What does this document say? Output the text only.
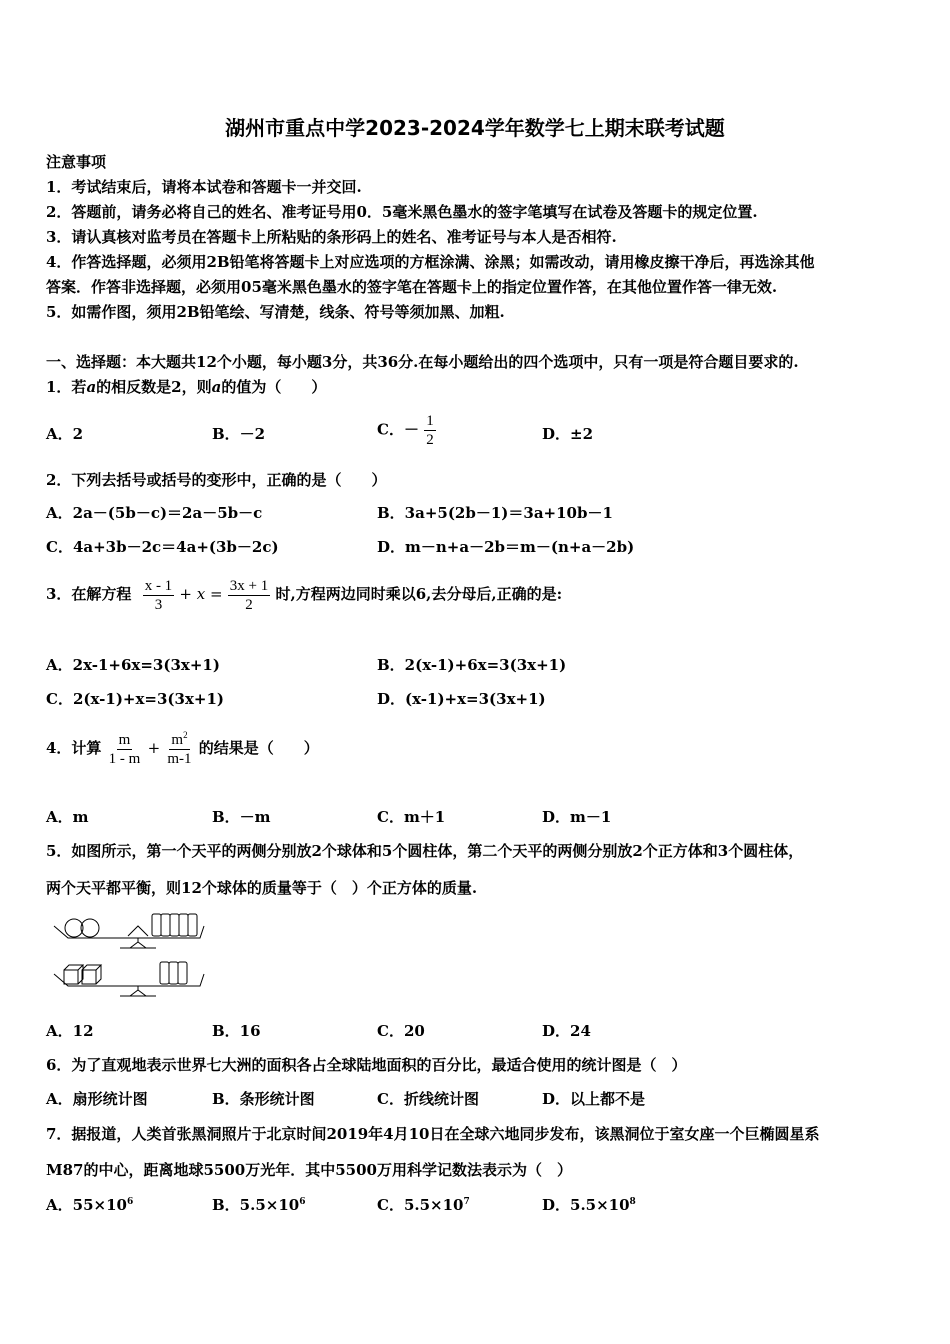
湖州市重点中学2023-2024学年数学七上期末联考试题
注意事项
1．考试结束后，请将本试卷和答题卡一并交回.
2．答题前，请务必将自己的姓名、准考证号用0．5毫米黑色墨水的签字笔填写在试卷及答题卡的规定位置.
3．请认真核对监考员在答题卡上所粘贴的条形码上的姓名、准考证号与本人是否相符.
4．作答选择题，必须用2B铅笔将答题卡上对应选项的方框涂满、涂黑；如需改动，请用橡皮擦干净后，再选涂其他
答案．作答非选择题，必须用05毫米黑色墨水的签字笔在答题卡上的指定位置作答，在其他位置作答一律无效.
5．如需作图，须用2B铅笔绘、写清楚，线条、符号等须加黑、加粗.
一、选择题：本大题共12个小题，每小题3分，共36分.在每小题给出的四个选项中，只有一项是符合题目要求的.
1．若a的相反数是2，则a的值为（　　）
A．2	B．－2	C．－ $\frac{1}{2}$	D．±2
2．下列去括号或括号的变形中，正确的是（　　）
A．2a－(5b－c)＝2a－5b－c	B．3a+5(2b－1)＝3a+10b－1
C．4a+3b－2c＝4a+(3b－2c)	D．m－n+a－2b＝m－(n+a－2b)
3．在解方程 $\frac{x - 1}{3} + x = \frac{3x + 1}{2}$ 时,方程两边同时乘以6,去分母后,正确的是:
A．2x-1+6x=3(3x+1)	B．2(x-1)+6x=3(3x+1)
C．2(x-1)+x=3(3x+1)	D．(x-1)+x=3(3x+1)
4．计算 $\frac{m}{1 - m} + \frac{m^2}{m-1}$ 的结果是（　　）
A．m	B．－m	C．m＋1	D．m－1
5．如图所示，第一个天平的两侧分别放2个球体和5个圆柱体，第二个天平的两侧分别放2个正方体和3个圆柱体，
两个天平都平衡，则12个球体的质量等于（　）个正方体的质量.
A．12	B．16	C．20	D．24
6．为了直观地表示世界七大洲的面积各占全球陆地面积的百分比，最适合使用的统计图是（　）
A．扇形统计图	B．条形统计图	C．折线统计图	D．以上都不是
7．据报道，人类首张黑洞照片于北京时间2019年4月10日在全球六地同步发布，该黑洞位于室女座一个巨椭圆星系
M87的中心，距离地球5500万光年．其中5500万用科学记数法表示为（　）
A．$55\times 10^6$	B．$5.5\times 10^6$	C．$5.5\times 10^7$	D．$5.5\times 10^8$
